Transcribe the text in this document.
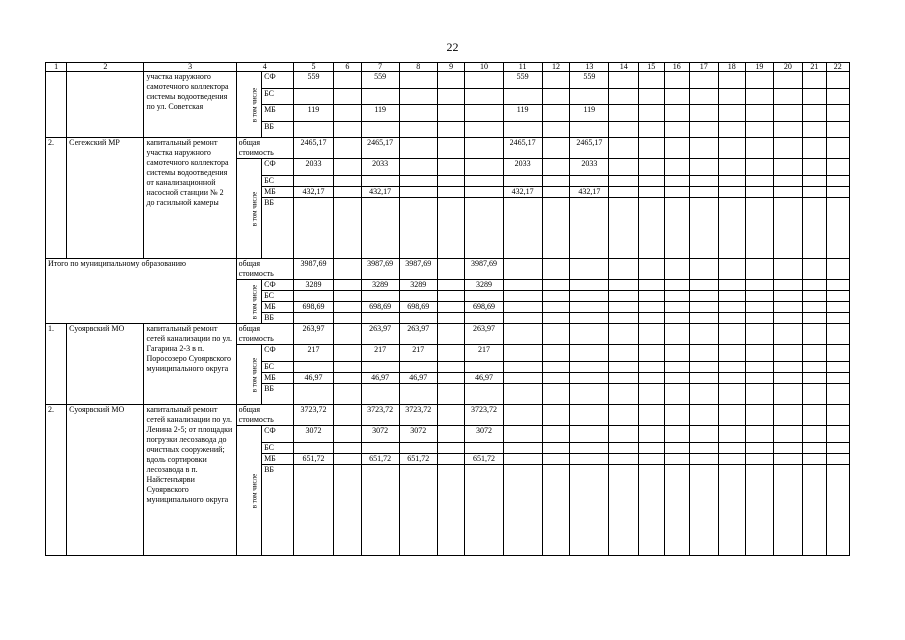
22
1	2	3	4		5	6	7	8	9	10	11	12	13	14	15	16	17	18	19	20	21	22
		участка наружного самотечного коллектора системы водоотведения по ул. Советская	в том числе	СФ	559		559				559		559									
				БС																		
				МБ	119		119				119		119									
				ВБ																		
2.	Сегежский МР	капитальный ремонт участка наружного самотечного коллектора системы водоотведения от канализационной насосной станции № 2 до гасильной камеры	общая стоимость		2465,17		2465,17				2465,17		2465,17									
			в том числе	СФ	2033		2033				2033		2033									
				БС																		
				МБ	432,17		432,17				432,17		432,17									
				ВБ																		
Итого по муниципальному образованию			общая стоимость		3987,69		3987,69	3987,69		3987,69												
			в том числе	СФ	3289		3289	3289		3289												
				БС																		
				МБ	698,69		698,69	698,69		698,69												
				ВБ																		
1.	Суоярвский МО	капитальный ремонт сетей канализации по ул. Гагарина 2-3 в п. Поросозеро Суоярвского муниципального округа	общая стоимость		263,97		263,97	263,97		263,97												
			в том числе	СФ	217		217	217		217												
				БС																		
				МБ	46,97		46,97	46,97		46,97												
				ВБ																		
2.	Суоярвский МО	капитальный ремонт сетей канализации по ул. Ленина 2-5; от площадки погрузки лесозавода до очистных сооружений; вдоль сортировки лесозавода в п. Найстенъярви Суоярвского муниципального округа	общая стоимость		3723,72		3723,72	3723,72		3723,72												
			в том числе	СФ	3072		3072	3072		3072												
				БС																		
				МБ	651,72		651,72	651,72		651,72												
				ВБ																		
